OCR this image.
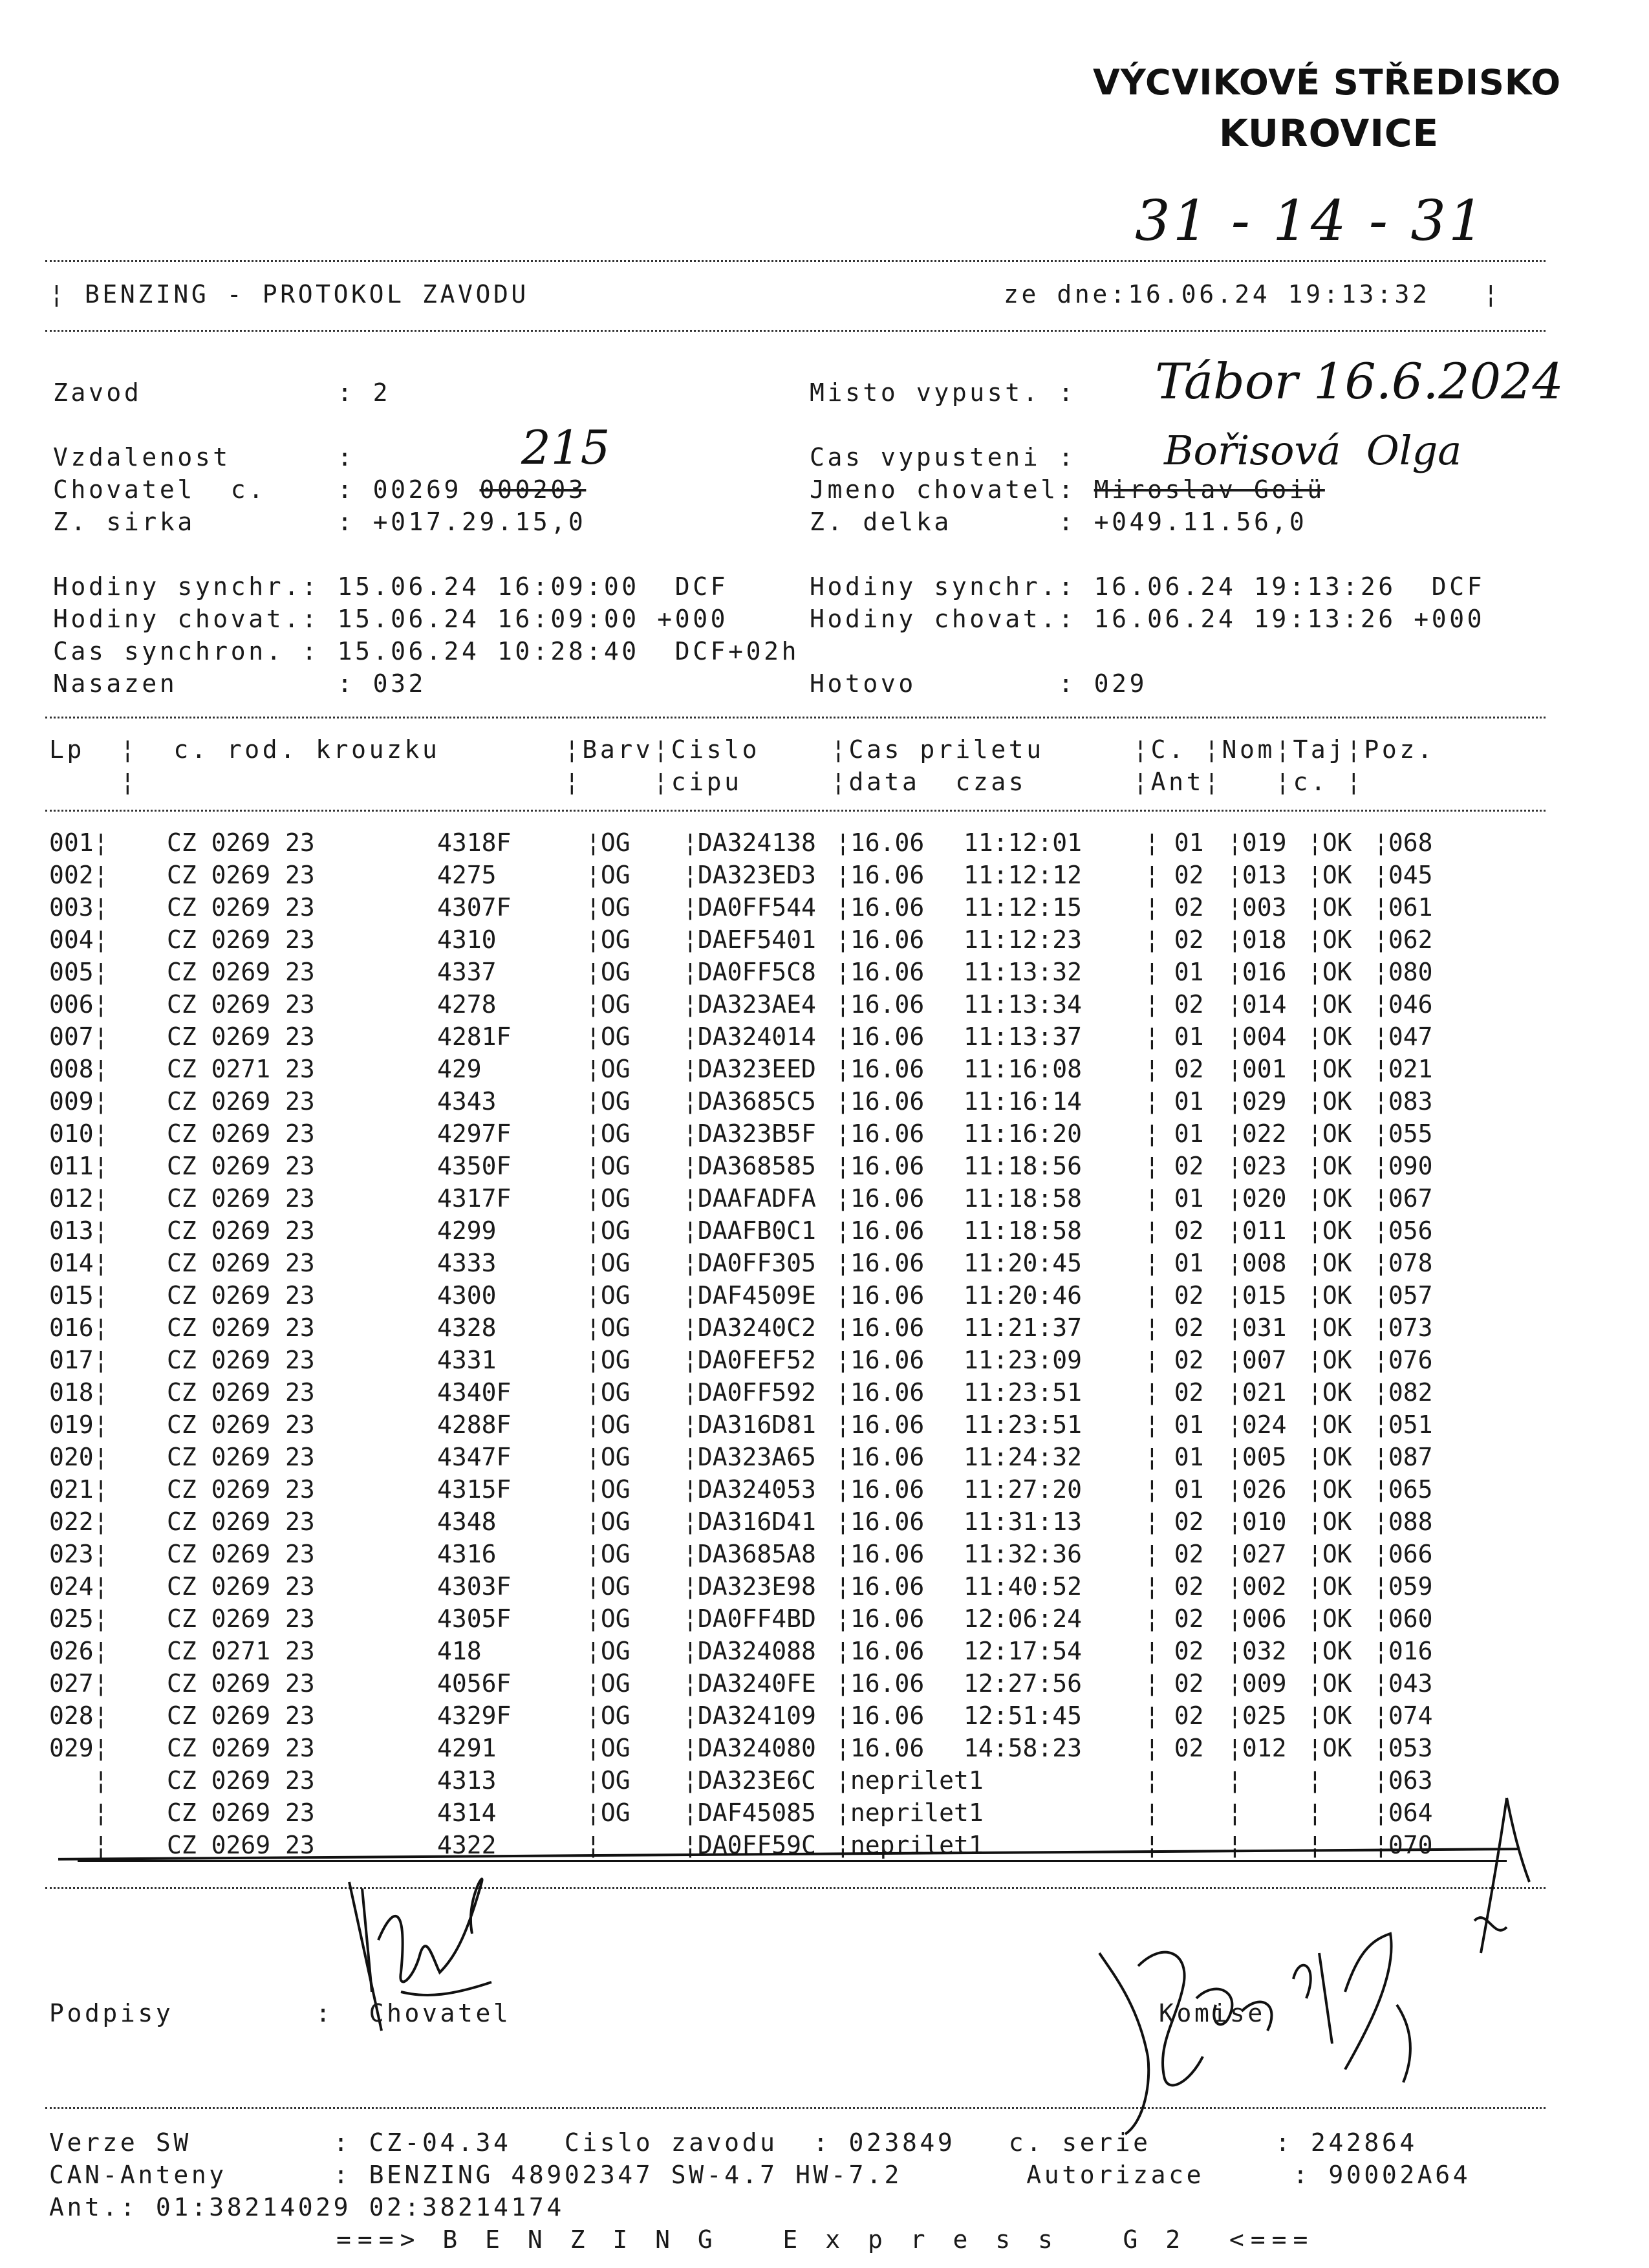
VÝCVIKOVÉ STŘEDISKO
KUROVICE
31 - 14 - 31
¦ BENZING - PROTOKOL ZAVODU	ze dne:16.06.24 19:13:32   ¦
Zavod           : 2	Misto vypust. : Tábor 16.6.2024
Vzdalenost      :	215	Cas vypusteni : Bořisová  Olga
Chovatel  c.    : 00269 000203	Jmeno chovatel: Miroslav Goiü
Z. sirka        : +017.29.15,0	Z. delka      : +049.11.56,0
Hodiny synchr.: 15.06.24 16:09:00  DCF	Hodiny synchr.: 16.06.24 19:13:26  DCF
Hodiny chovat.: 15.06.24 16:09:00 +000	Hodiny chovat.: 16.06.24 19:13:26 +000
Cas synchron. : 15.06.24 10:28:40  DCF+02h
Nasazen         : 032	Hotovo        : 029
Lp  ¦  c. rod. krouzku       ¦Barv¦Cislo    ¦Cas priletu     ¦C. ¦Nom¦Taj¦Poz.
¦                        ¦    ¦cipu     ¦data  czas      ¦Ant¦   ¦c. ¦
001¦ CZ 0269 23	4318F	¦OG ¦DA324138 ¦16.06 11:12:01	¦ 01 ¦019 ¦OK ¦068
002¦ CZ 0269 23	4275	¦OG ¦DA323ED3 ¦16.06 11:12:12	¦ 02 ¦013 ¦OK ¦045
003¦ CZ 0269 23	4307F	¦OG ¦DA0FF544 ¦16.06 11:12:15	¦ 02 ¦003 ¦OK ¦061
004¦ CZ 0269 23	4310	¦OG ¦DAEF5401 ¦16.06 11:12:23	¦ 02 ¦018 ¦OK ¦062
005¦ CZ 0269 23	4337	¦OG ¦DA0FF5C8 ¦16.06 11:13:32	¦ 01 ¦016 ¦OK ¦080
006¦ CZ 0269 23	4278	¦OG ¦DA323AE4 ¦16.06 11:13:34	¦ 02 ¦014 ¦OK ¦046
007¦ CZ 0269 23	4281F	¦OG ¦DA324014 ¦16.06 11:13:37	¦ 01 ¦004 ¦OK ¦047
008¦ CZ 0271 23	429	¦OG ¦DA323EED ¦16.06 11:16:08	¦ 02 ¦001 ¦OK ¦021
009¦ CZ 0269 23	4343	¦OG ¦DA3685C5 ¦16.06 11:16:14	¦ 01 ¦029 ¦OK ¦083
010¦ CZ 0269 23	4297F	¦OG ¦DA323B5F ¦16.06 11:16:20	¦ 01 ¦022 ¦OK ¦055
011¦ CZ 0269 23	4350F	¦OG ¦DA368585 ¦16.06 11:18:56	¦ 02 ¦023 ¦OK ¦090
012¦ CZ 0269 23	4317F	¦OG ¦DAAFADFA ¦16.06 11:18:58	¦ 01 ¦020 ¦OK ¦067
013¦ CZ 0269 23	4299	¦OG ¦DAAFB0C1 ¦16.06 11:18:58	¦ 02 ¦011 ¦OK ¦056
014¦ CZ 0269 23	4333	¦OG ¦DA0FF305 ¦16.06 11:20:45	¦ 01 ¦008 ¦OK ¦078
015¦ CZ 0269 23	4300	¦OG ¦DAF4509E ¦16.06 11:20:46	¦ 02 ¦015 ¦OK ¦057
016¦ CZ 0269 23	4328	¦OG ¦DA3240C2 ¦16.06 11:21:37	¦ 02 ¦031 ¦OK ¦073
017¦ CZ 0269 23	4331	¦OG ¦DA0FEF52 ¦16.06 11:23:09	¦ 02 ¦007 ¦OK ¦076
018¦ CZ 0269 23	4340F	¦OG ¦DA0FF592 ¦16.06 11:23:51	¦ 02 ¦021 ¦OK ¦082
019¦ CZ 0269 23	4288F	¦OG ¦DA316D81 ¦16.06 11:23:51	¦ 01 ¦024 ¦OK ¦051
020¦ CZ 0269 23	4347F	¦OG ¦DA323A65 ¦16.06 11:24:32	¦ 01 ¦005 ¦OK ¦087
021¦ CZ 0269 23	4315F	¦OG ¦DA324053 ¦16.06 11:27:20	¦ 01 ¦026 ¦OK ¦065
022¦ CZ 0269 23	4348	¦OG ¦DA316D41 ¦16.06 11:31:13	¦ 02 ¦010 ¦OK ¦088
023¦ CZ 0269 23	4316	¦OG ¦DA3685A8 ¦16.06 11:32:36	¦ 02 ¦027 ¦OK ¦066
024¦ CZ 0269 23	4303F	¦OG ¦DA323E98 ¦16.06 11:40:52	¦ 02 ¦002 ¦OK ¦059
025¦ CZ 0269 23	4305F	¦OG ¦DA0FF4BD ¦16.06 12:06:24	¦ 02 ¦006 ¦OK ¦060
026¦ CZ 0271 23	418	¦OG ¦DA324088 ¦16.06 12:17:54	¦ 02 ¦032 ¦OK ¦016
027¦ CZ 0269 23	4056F	¦OG ¦DA3240FE ¦16.06 12:27:56	¦ 02 ¦009 ¦OK ¦043
028¦ CZ 0269 23	4329F	¦OG ¦DA324109 ¦16.06 12:51:45	¦ 02 ¦025 ¦OK ¦074
029¦ CZ 0269 23	4291	¦OG ¦DA324080 ¦16.06 14:58:23	¦ 02 ¦012 ¦OK ¦053
¦ CZ 0269 23	4313	¦OG ¦DA323E6C ¦neprilet1	¦ ¦ ¦ ¦063
¦ CZ 0269 23	4314	¦OG ¦DAF45085 ¦neprilet1	¦ ¦ ¦ ¦064
¦ CZ 0269 23	4322	¦ ¦DA0FF59C ¦neprilet1	¦ ¦ ¦ ¦070
Podpisy        :  Chovatel	Komise
Verze SW        : CZ-04.34   Cislo zavodu  : 023849   c. serie       : 242864
CAN-Anteny      : BENZING 48902347 SW-4.7 HW-7.2       Autorizace     : 90002A64
Ant.: 01:38214029 02:38214174
===> B E N Z I N G   E x p r e s s   G 2  <===
